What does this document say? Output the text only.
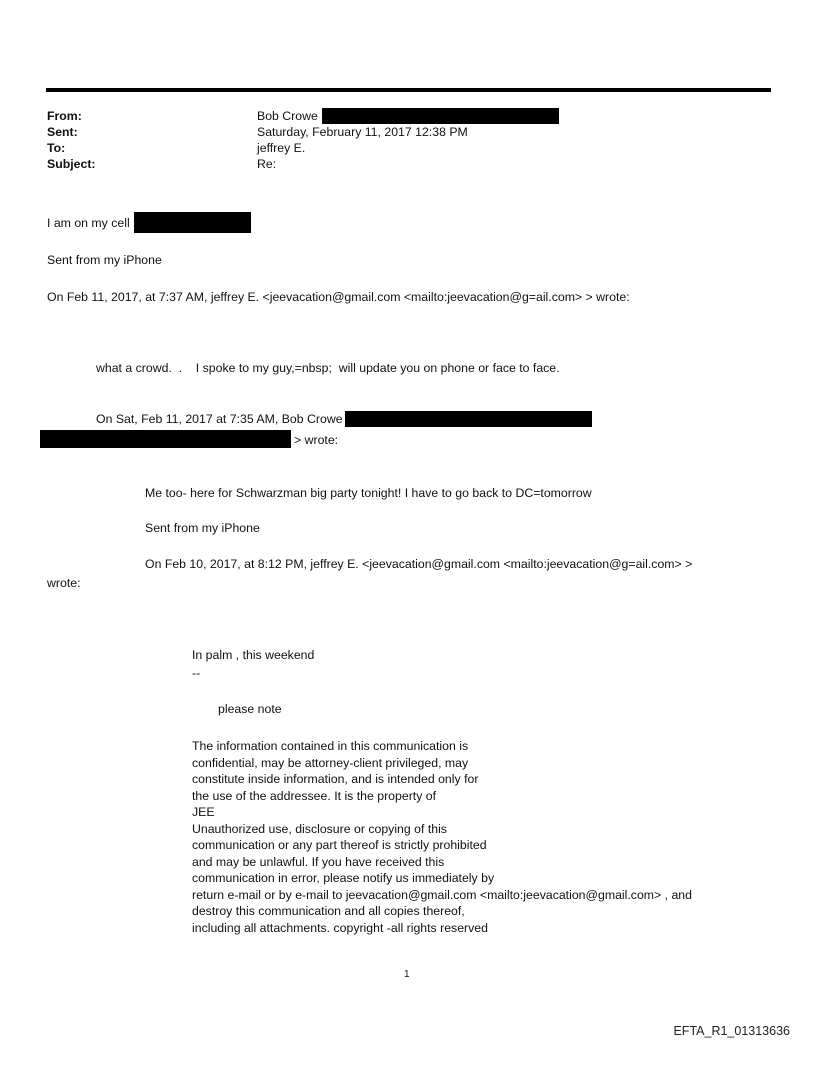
From:	Bob Crowe
Sent:	Saturday, February 11, 2017 12:38 PM
To:	jeffrey E.
Subject:	Re:
I am on my cell
Sent from my iPhone
On Feb 11, 2017, at 7:37 AM, jeffrey E. <jeevacation@gmail.com <mailto:jeevacation@g=ail.com> > wrote:
what a crowd.  .    I spoke to my guy,=nbsp;  will update you on phone or face to face.
On Sat, Feb 11, 2017 at 7:35 AM, Bob Crowe
> wrote:
Me too- here for Schwarzman big party tonight! I have to go back to DC=tomorrow
Sent from my iPhone
On Feb 10, 2017, at 8:12 PM, jeffrey E. <jeevacation@gmail.com <mailto:jeevacation@g=ail.com> >
wrote:
In palm , this weekend
--
please note
The information contained in this communication is
confidential, may be attorney-client privileged, may
constitute inside information, and is intended only for
the use of the addressee. It is the property of
JEE
Unauthorized use, disclosure or copying of this
communication or any part thereof is strictly prohibited
and may be unlawful. If you have received this
communication in error, please notify us immediately by
return e-mail or by e-mail to jeevacation@gmail.com <mailto:jeevacation@gmail.com> , and
destroy this communication and all copies thereof,
including all attachments. copyright -all rights reserved
1
EFTA_R1_01313636
